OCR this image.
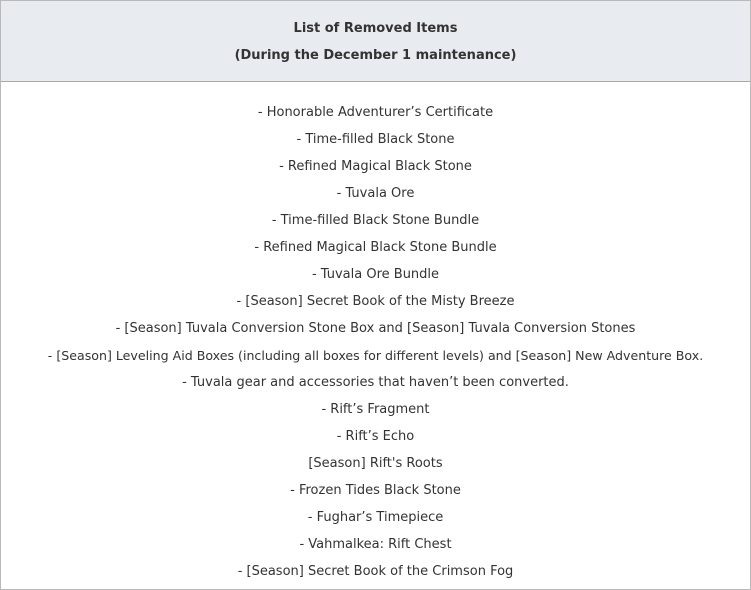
List of Removed Items
(During the December 1 maintenance)
- Honorable Adventurer’s Certificate
- Time-filled Black Stone
- Refined Magical Black Stone
- Tuvala Ore
- Time-filled Black Stone Bundle
- Refined Magical Black Stone Bundle
- Tuvala Ore Bundle
- [Season] Secret Book of the Misty Breeze
- [Season] Tuvala Conversion Stone Box and [Season] Tuvala Conversion Stones
- [Season] Leveling Aid Boxes (including all boxes for different levels) and [Season] New Adventure Box.
- Tuvala gear and accessories that haven’t been converted.
- Rift’s Fragment
- Rift’s Echo
[Season] Rift's Roots
- Frozen Tides Black Stone
- Fughar’s Timepiece
- Vahmalkea: Rift Chest
- [Season] Secret Book of the Crimson Fog
